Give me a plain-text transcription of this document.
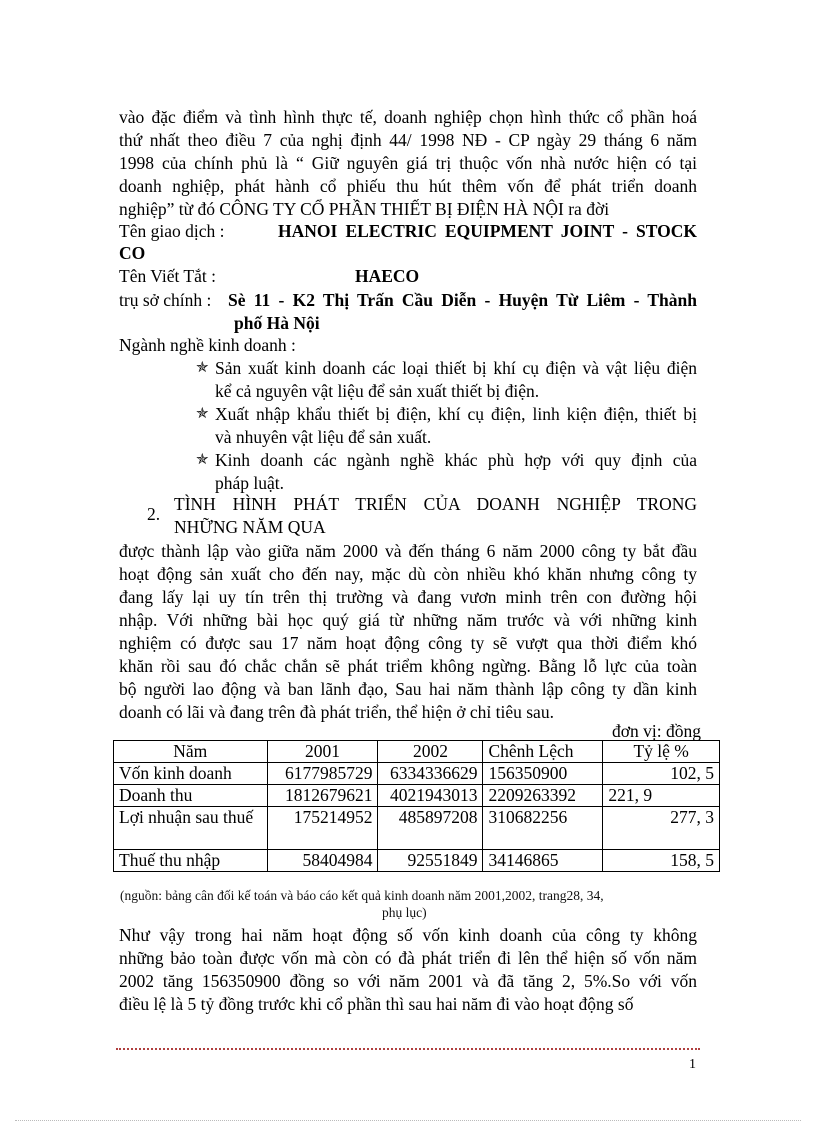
vào đặc điểm và tình hình thực tế, doanh nghiệp chọn hình thức cổ phần hoá
thứ nhất theo điều 7 của nghị định 44/ 1998 NĐ - CP ngày 29 tháng 6 năm
1998 của chính phủ là “ Giữ nguyên giá trị thuộc vốn nhà nước hiện có tại
doanh nghiệp, phát hành cổ phiếu thu hút thêm vốn để phát triển doanh
nghiệp” từ đó CÔNG TY CỔ PHẦN THIẾT BỊ ĐIỆN HÀ NỘI ra đời
Tên giao dịch :	HANOI ELECTRIC EQUIPMENT JOINT - STOCK
CO
Tên Viết Tắt :	HAECO
trụ sở chính : Sè 11 - K2 Thị Trấn Cầu Diễn - Huyện Từ Liêm - Thành
phố Hà Nội
Ngành nghề kinh doanh :
✯ Sản xuất kinh doanh các loại thiết bị khí cụ điện và vật liệu điện
kể cả nguyên vật liệu để sản xuất thiết bị điện.
✯ Xuất nhập khẩu thiết bị điện, khí cụ điện, linh kiện điện, thiết bị
và nhuyên vật liệu để sản xuất.
✯ Kinh doanh các ngành nghề khác phù hợp với quy định của
pháp luật.
2. TÌNH HÌNH PHÁT TRIỂN CỦA DOANH NGHIỆP TRONG
NHỮNG NĂM QUA
được thành lập vào giữa năm 2000 và đến tháng 6 năm 2000 công ty bắt đầu
hoạt động sản xuất cho đến nay, mặc dù còn nhiều khó khăn nhưng công ty
đang lấy lại uy tín trên thị trường và đang vươn minh trên con đường hội
nhập. Với những bài học quý giá từ những năm trước và với những kinh
nghiệm có được sau 17 năm hoạt động công ty sẽ vượt qua thời điểm khó
khăn rồi sau đó chắc chắn sẽ phát triểm không ngừng. Bằng lỗ lực của toàn
bộ người lao động và ban lãnh đạo, Sau hai năm thành lập công ty dần kinh
doanh có lãi và đang trên đà phát triển, thể hiện ở chỉ tiêu sau.
đơn vị: đồng
Năm	2001	2002	Chênh Lệch	Tỷ lệ %
Vốn kinh doanh	6177985729	6334336629	156350900	102, 5
Doanh thu	1812679621	4021943013	2209263392	221, 9
Lợi nhuận sau thuế	175214952	485897208	310682256	277, 3
Thuế thu nhập	58404984	92551849	34146865	158, 5
(nguồn: bảng cân đối kế toán và báo cáo kết quả kinh doanh năm 2001,2002, trang28, 34,
phụ lục)
Như vậy trong hai năm hoạt động số vốn kinh doanh của công ty không
những bảo toàn được vốn mà còn có đà phát triển đi lên thể hiện số vốn năm
2002 tăng 156350900 đồng so với năm 2001 và đã tăng 2, 5%.So với vốn
điều lệ là 5 tỷ đồng trước khi cổ phần thì sau hai năm đi vào hoạt động số
1
